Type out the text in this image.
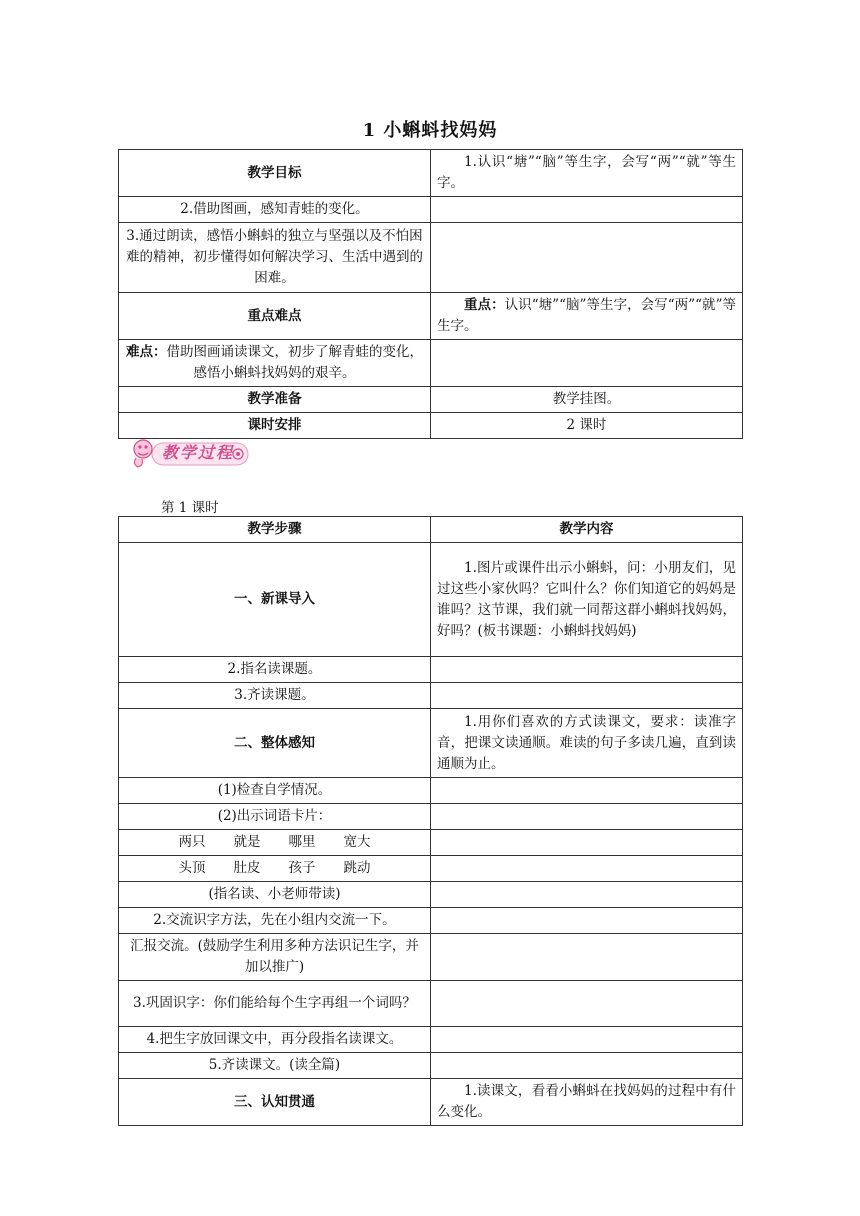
1 小蝌蚪找妈妈
教学目标	1.认识“塘”“脑”等生字，会写“两”“就”等生字。
2.借助图画，感知青蛙的变化。	
3.通过朗读，感悟小蝌蚪的独立与坚强以及不怕困难的精神，初步懂得如何解决学习、生活中遇到的困难。	
重点难点	重点：认识“塘”“脑”等生字，会写“两”“就”等生字。
难点：借助图画诵读课文，初步了解青蛙的变化，感悟小蝌蚪找妈妈的艰辛。	
教学准备	教学挂图。
课时安排	2 课时
教学过程
第 1 课时
教学步骤	教学内容
一、新课导入	1.图片或课件出示小蝌蚪，问：小朋友们，见过这些小家伙吗？它叫什么？你们知道它的妈妈是谁吗？这节课，我们就一同帮这群小蝌蚪找妈妈，好吗？(板书课题：小蝌蚪找妈妈)
2.指名读课题。	
3.齐读课题。	
二、整体感知	1.用你们喜欢的方式读课文，要求：读准字音，把课文读通顺。难读的句子多读几遍，直到读通顺为止。
(1)检查自学情况。	
(2)出示词语卡片：	
两只 就是 哪里 宽大	
头顶 肚皮 孩子 跳动	
(指名读、小老师带读)	
2.交流识字方法，先在小组内交流一下。	
汇报交流。(鼓励学生利用多种方法识记生字，并加以推广)	
3.巩固识字：你们能给每个生字再组一个词吗？	
4.把生字放回课文中，再分段指名读课文。	
5.齐读课文。(读全篇)	
三、认知贯通	1.读课文，看看小蝌蚪在找妈妈的过程中有什么变化。
